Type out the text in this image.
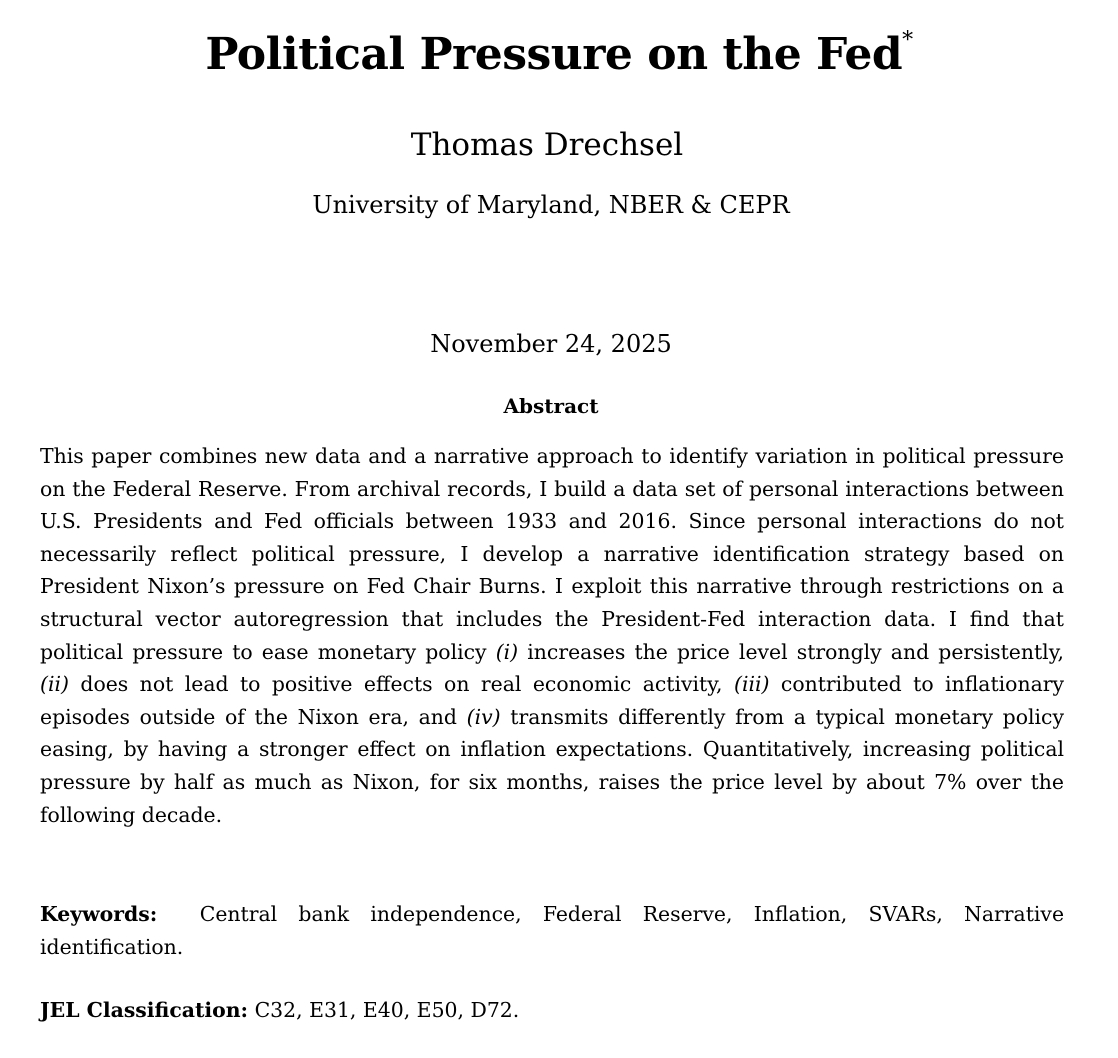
Political Pressure on the Fed*
Thomas Drechsel
University of Maryland, NBER & CEPR
November 24, 2025
Abstract
This paper combines new data and a narrative approach to identify variation in political pressure on the Federal Reserve. From archival records, I build a data set of personal interactions between U.S. Presidents and Fed officials between 1933 and 2016. Since personal interactions do not necessarily reflect political pressure, I develop a narrative identification strategy based on President Nixon’s pressure on Fed Chair Burns. I exploit this narrative through restrictions on a structural vector autoregression that includes the President-Fed interaction data. I find that political pressure to ease monetary policy (i) increases the price level strongly and persistently, (ii) does not lead to positive effects on real economic activity, (iii) contributed to inflationary episodes outside of the Nixon era, and (iv) transmits differently from a typical monetary policy easing, by having a stronger effect on inflation expectations. Quantitatively, increasing political pressure by half as much as Nixon, for six months, raises the price level by about 7% over the following decade.
Keywords: Central bank independence, Federal Reserve, Inflation, SVARs, Narrative identification.
JEL Classification: C32, E31, E40, E50, D72.
